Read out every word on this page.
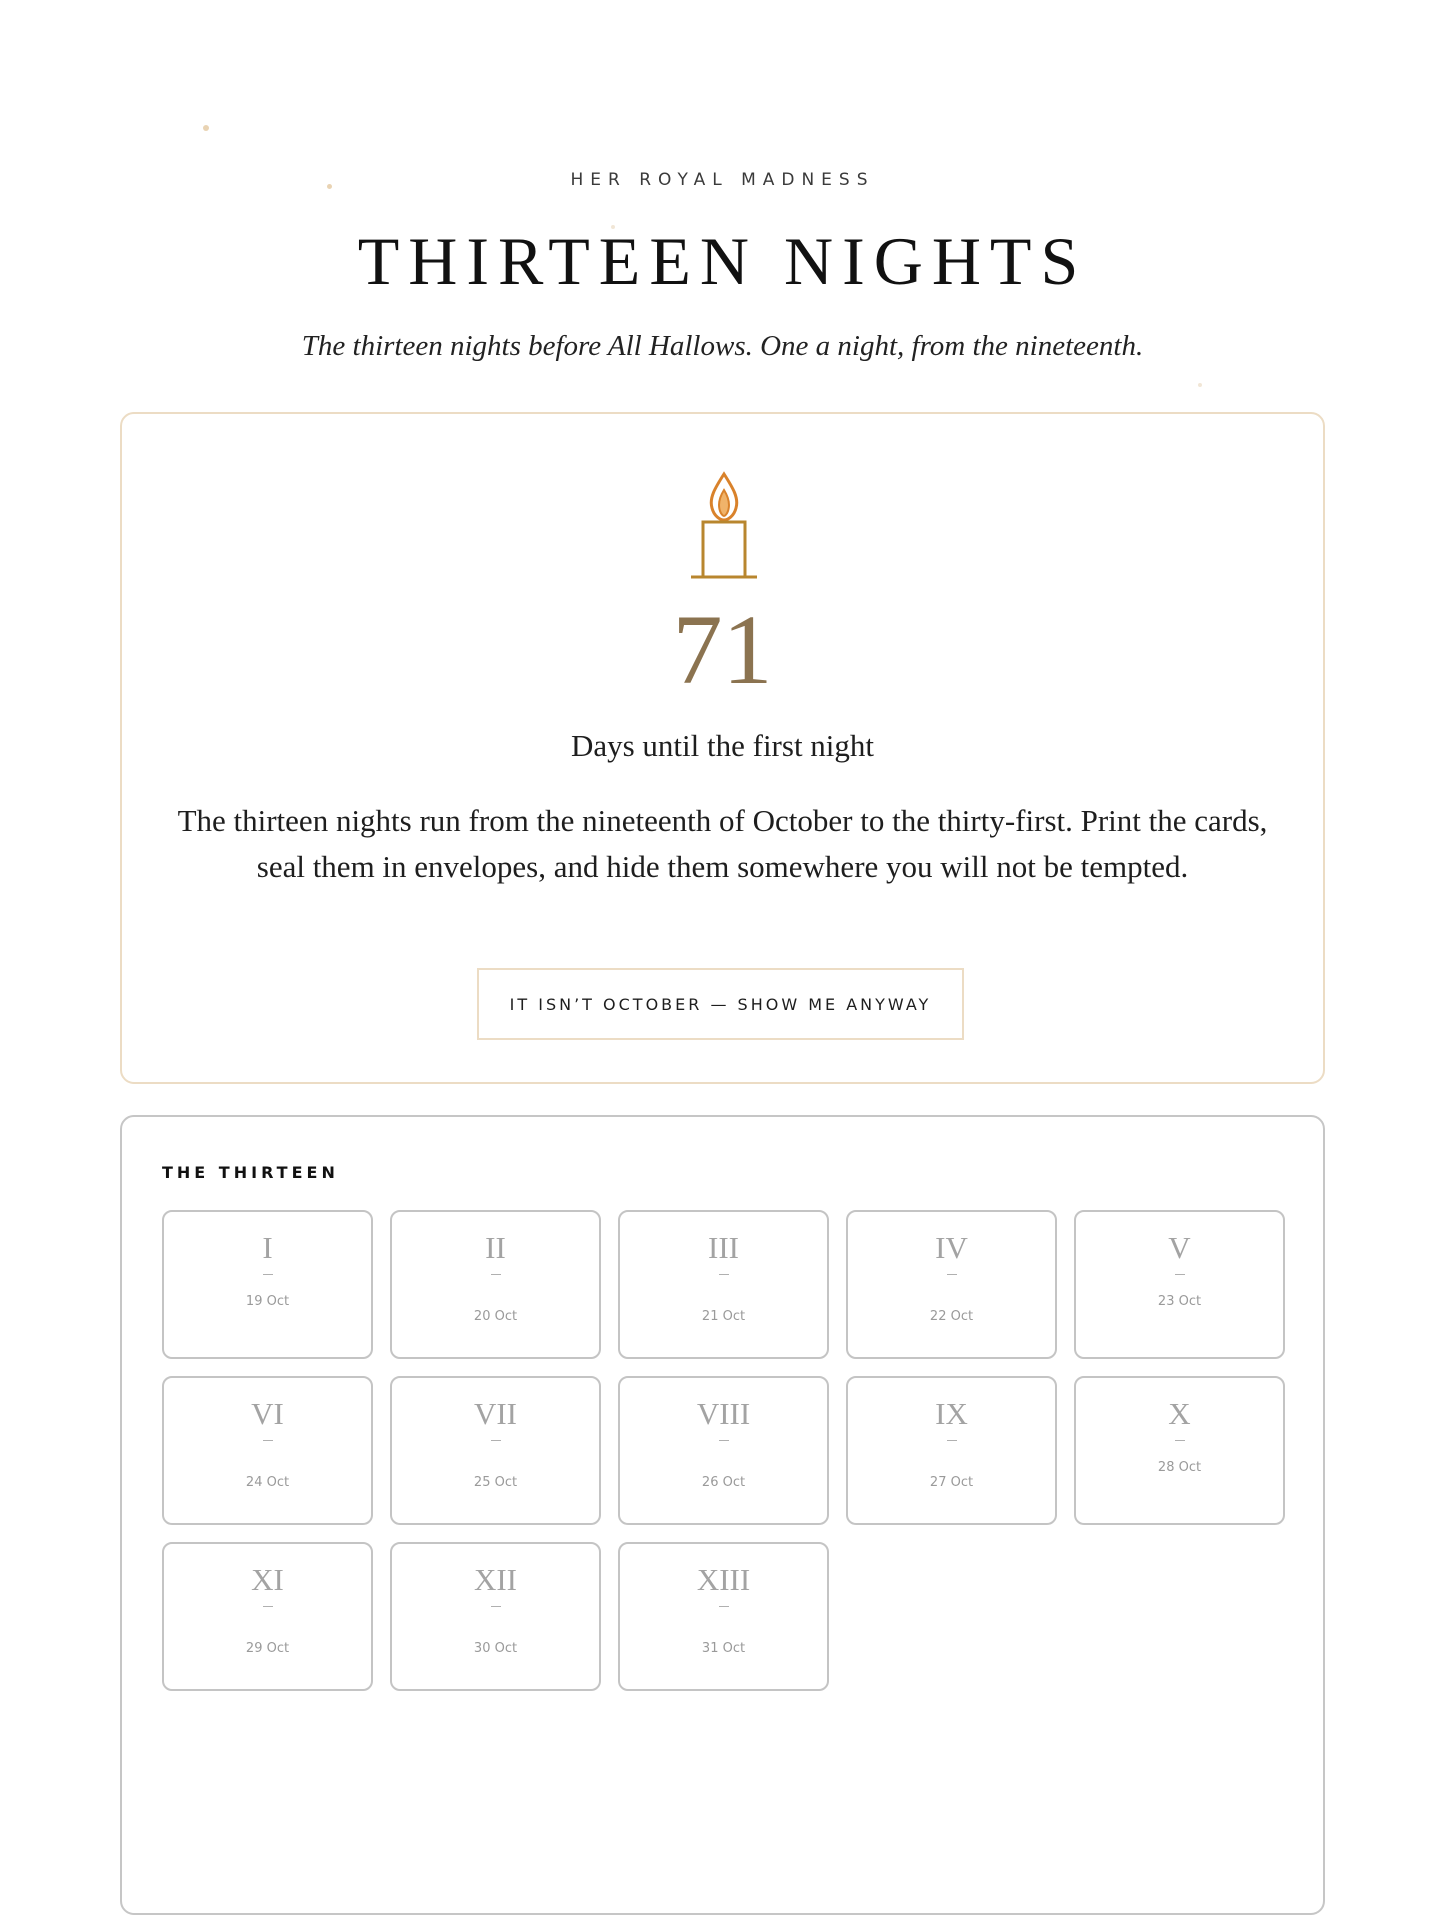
HER ROYAL MADNESS
THIRTEEN NIGHTS
The thirteen nights before All Hallows. One a night, from the nineteenth.
71
Days until the first night
The thirteen nights run from the nineteenth of October to the thirty-first. Print the cards, seal them in envelopes, and hide them somewhere you will not be tempted.
IT ISN’T OCTOBER — SHOW ME ANYWAY
THE THIRTEEN
I
19 Oct
II
20 Oct
III
21 Oct
IV
22 Oct
V
23 Oct
VI
24 Oct
VII
25 Oct
VIII
26 Oct
IX
27 Oct
X
28 Oct
XI
29 Oct
XII
30 Oct
XIII
31 Oct
